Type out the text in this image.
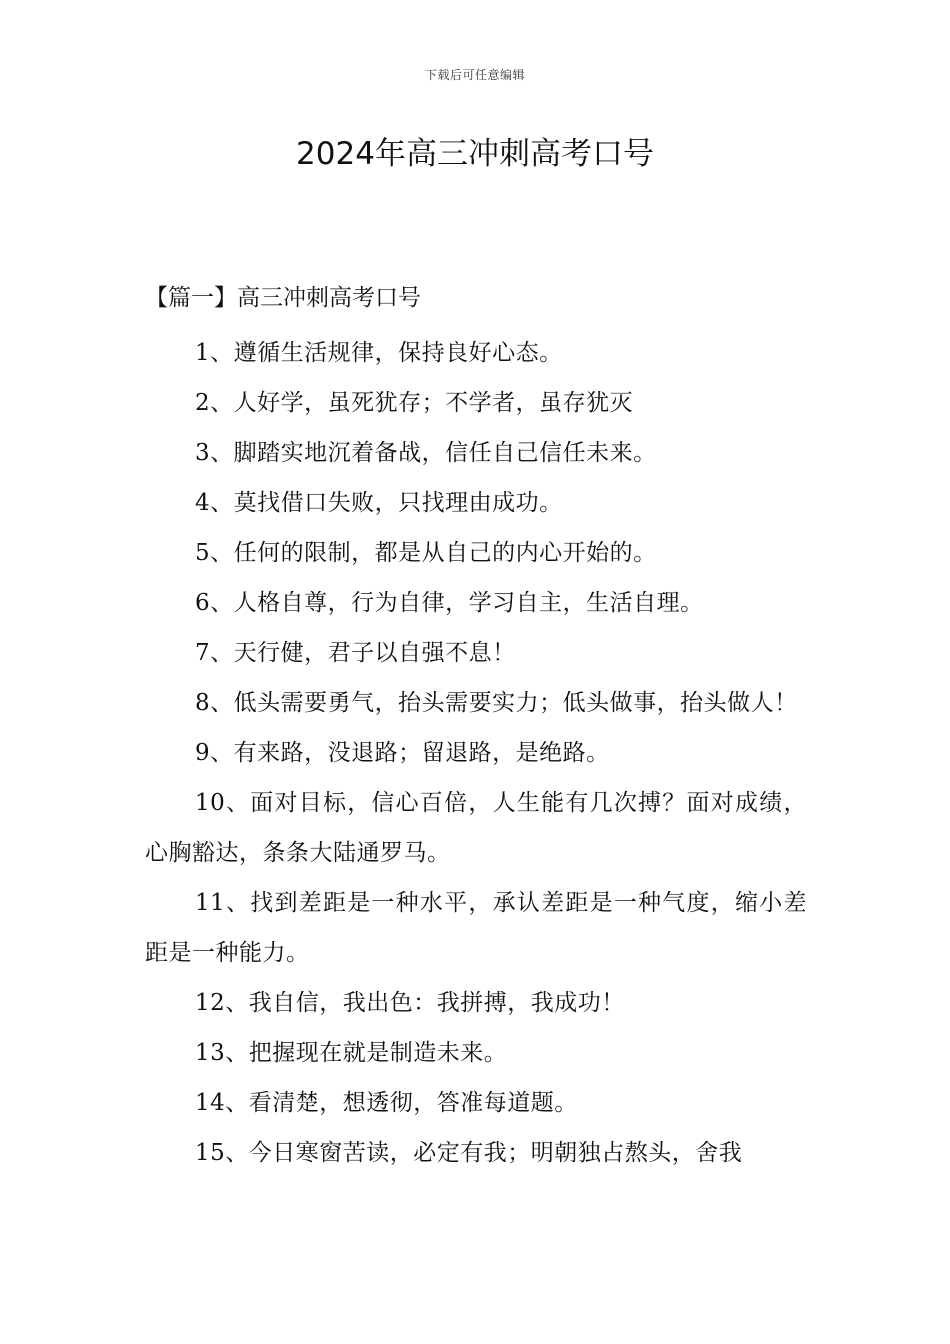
下载后可任意编辑
2024年高三冲刺高考口号
【篇一】高三冲刺高考口号

1、遵循生活规律，保持良好心态。

2、人好学，虽死犹存；不学者，虽存犹灭

3、脚踏实地沉着备战，信任自己信任未来。

4、莫找借口失败，只找理由成功。

5、任何的限制，都是从自己的内心开始的。

6、人格自尊，行为自律，学习自主，生活自理。

7、天行健，君子以自强不息！

8、低头需要勇气，抬头需要实力；低头做事，抬头做人！

9、有来路，没退路；留退路，是绝路。

10、面对目标，信心百倍，人生能有几次搏？面对成绩，心胸豁达，条条大陆通罗马。

11、找到差距是一种水平，承认差距是一种气度，缩小差距是一种能力。

12、我自信，我出色：我拼搏，我成功！

13、把握现在就是制造未来。

14、看清楚，想透彻，答准每道题。

15、今日寒窗苦读，必定有我；明朝独占熬头，舍我
